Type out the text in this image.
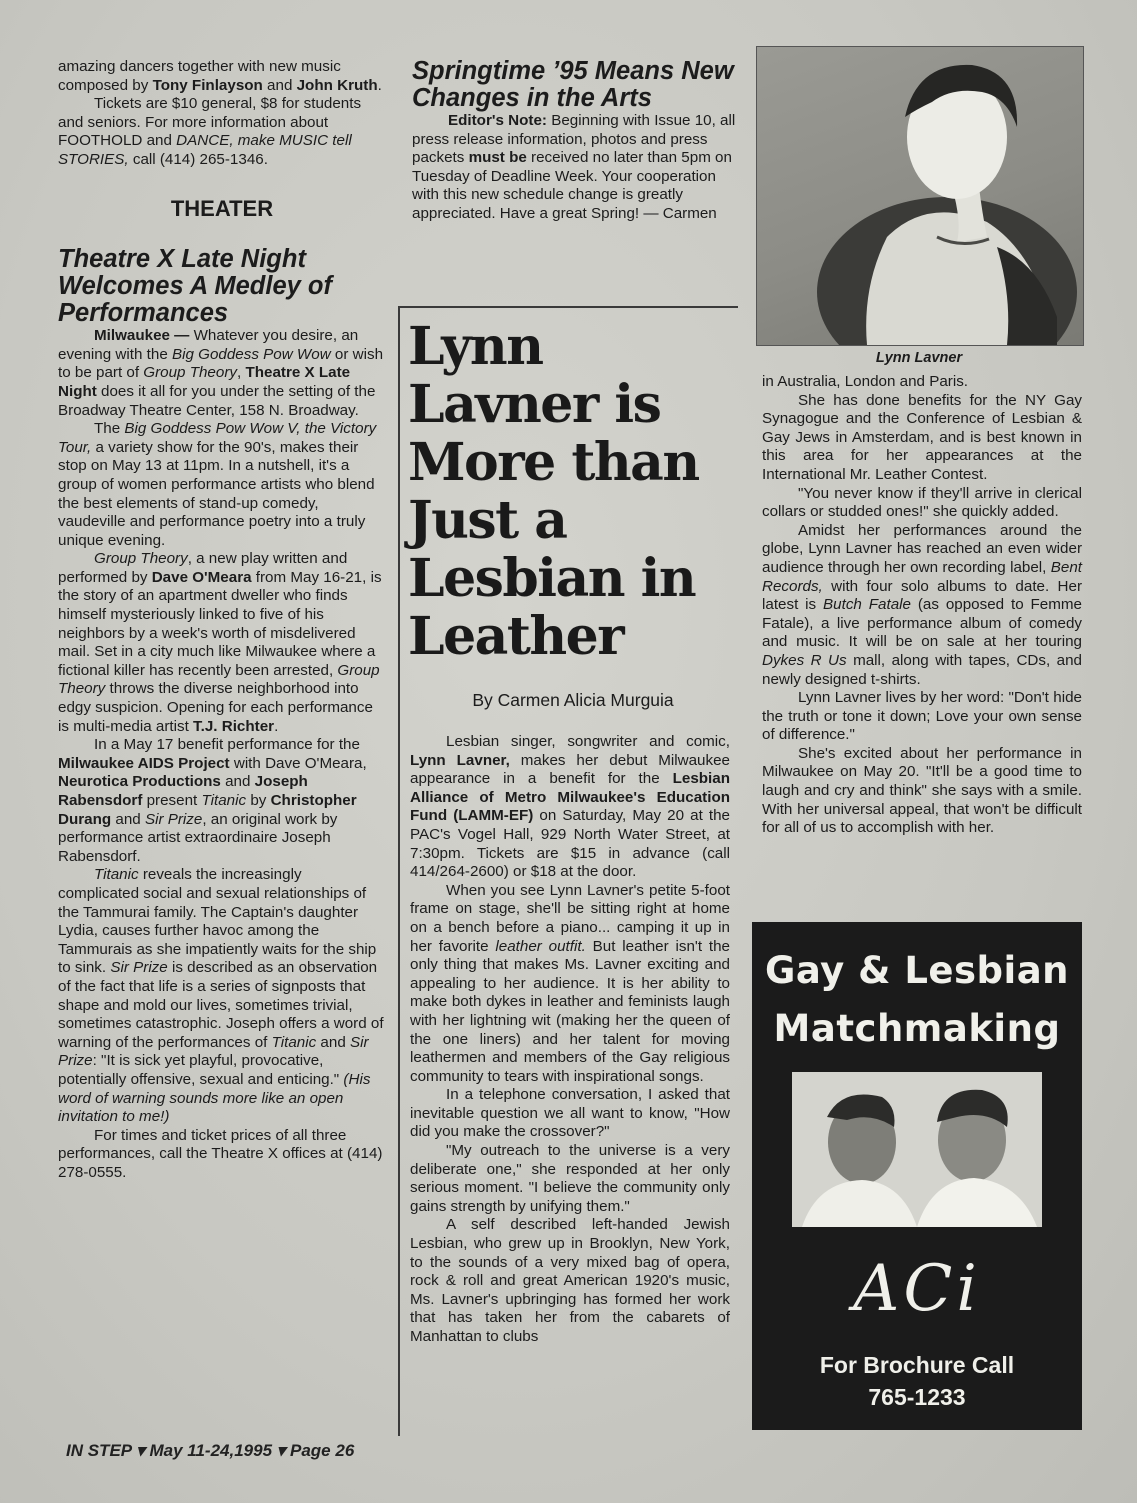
amazing dancers together with new music composed by Tony Finlayson and John Kruth.

Tickets are $10 general, $8 for students and seniors. For more information about FOOTHOLD and DANCE, make MUSIC tell STORIES, call (414) 265-1346.

THEATER
Theatre X Late Night Welcomes A Medley of Performances

Milwaukee — Whatever you desire, an evening with the Big Goddess Pow Wow or wish to be part of Group Theory, Theatre X Late Night does it all for you under the setting of the Broadway Theatre Center, 158 N. Broadway.

The Big Goddess Pow Wow V, the Victory Tour, a variety show for the 90's, makes their stop on May 13 at 11pm. In a nutshell, it's a group of women performance artists who blend the best elements of stand-up comedy, vaudeville and performance poetry into a truly unique evening.

Group Theory, a new play written and performed by Dave O'Meara from May 16-21, is the story of an apartment dweller who finds himself mysteriously linked to five of his neighbors by a week's worth of misdelivered mail. Set in a city much like Milwaukee where a fictional killer has recently been arrested, Group Theory throws the diverse neighborhood into edgy suspicion. Opening for each performance is multi-media artist T.J. Richter.

In a May 17 benefit performance for the Milwaukee AIDS Project with Dave O'Meara, Neurotica Productions and Joseph Rabensdorf present Titanic by Christopher Durang and Sir Prize, an original work by performance artist extraordinaire Joseph Rabensdorf.

Titanic reveals the increasingly complicated social and sexual relationships of the Tammurai family. The Captain's daughter Lydia, causes further havoc among the Tammurais as she impatiently waits for the ship to sink. Sir Prize is described as an observation of the fact that life is a series of signposts that shape and mold our lives, sometimes trivial, sometimes catastrophic. Joseph offers a word of warning of the performances of Titanic and Sir Prize: "It is sick yet playful, provocative, potentially offensive, sexual and enticing." (His word of warning sounds more like an open invitation to me!)

For times and ticket prices of all three performances, call the Theatre X offices at (414) 278-0555.

Springtime ’95 Means New Changes in the Arts

Editor's Note: Beginning with Issue 10, all press release information, photos and press packets must be received no later than 5pm on Tuesday of Deadline Week. Your cooperation with this new schedule change is greatly appreciated. Have a great Spring! — Carmen

Lynn Lavner is More than Just a Lesbian in Leather
By Carmen Alicia Murguia

Lesbian singer, songwriter and comic, Lynn Lavner, makes her debut Milwaukee appearance in a benefit for the Lesbian Alliance of Metro Milwaukee's Education Fund (LAMM-EF) on Saturday, May 20 at the PAC's Vogel Hall, 929 North Water Street, at 7:30pm. Tickets are $15 in advance (call 414/264-2600) or $18 at the door.

When you see Lynn Lavner's petite 5-foot frame on stage, she'll be sitting right at home on a bench before a piano... camping it up in her favorite leather outfit. But leather isn't the only thing that makes Ms. Lavner exciting and appealing to her audience. It is her ability to make both dykes in leather and feminists laugh with her lightning wit (making her the queen of the one liners) and her talent for moving leathermen and members of the Gay religious community to tears with inspirational songs.

In a telephone conversation, I asked that inevitable question we all want to know, "How did you make the crossover?"

"My outreach to the universe is a very deliberate one," she responded at her only serious moment. "I believe the community only gains strength by unifying them."

A self described left-handed Jewish Lesbian, who grew up in Brooklyn, New York, to the sounds of a very mixed bag of opera, rock & roll and great American 1920's music, Ms. Lavner's upbringing has formed her work that has taken her from the cabarets of Manhattan to clubs

Lynn Lavner

in Australia, London and Paris.

She has done benefits for the NY Gay Synagogue and the Conference of Lesbian & Gay Jews in Amsterdam, and is best known in this area for her appearances at the International Mr. Leather Contest.

"You never know if they'll arrive in clerical collars or studded ones!" she quickly added.

Amidst her performances around the globe, Lynn Lavner has reached an even wider audience through her own recording label, Bent Records, with four solo albums to date. Her latest is Butch Fatale (as opposed to Femme Fatale), a live performance album of comedy and music. It will be on sale at her touring Dykes R Us mall, along with tapes, CDs, and newly designed t-shirts.

Lynn Lavner lives by her word: "Don't hide the truth or tone it down; Love your own sense of difference."

She's excited about her performance in Milwaukee on May 20. "It'll be a good time to laugh and cry and think" she says with a smile. With her universal appeal, that won't be difficult for all of us to accomplish with her.

Gay & Lesbian
Matchmaking
ACi
For Brochure Call
765-1233
IN STEP ▾ May 11-24,1995 ▾ Page 26
